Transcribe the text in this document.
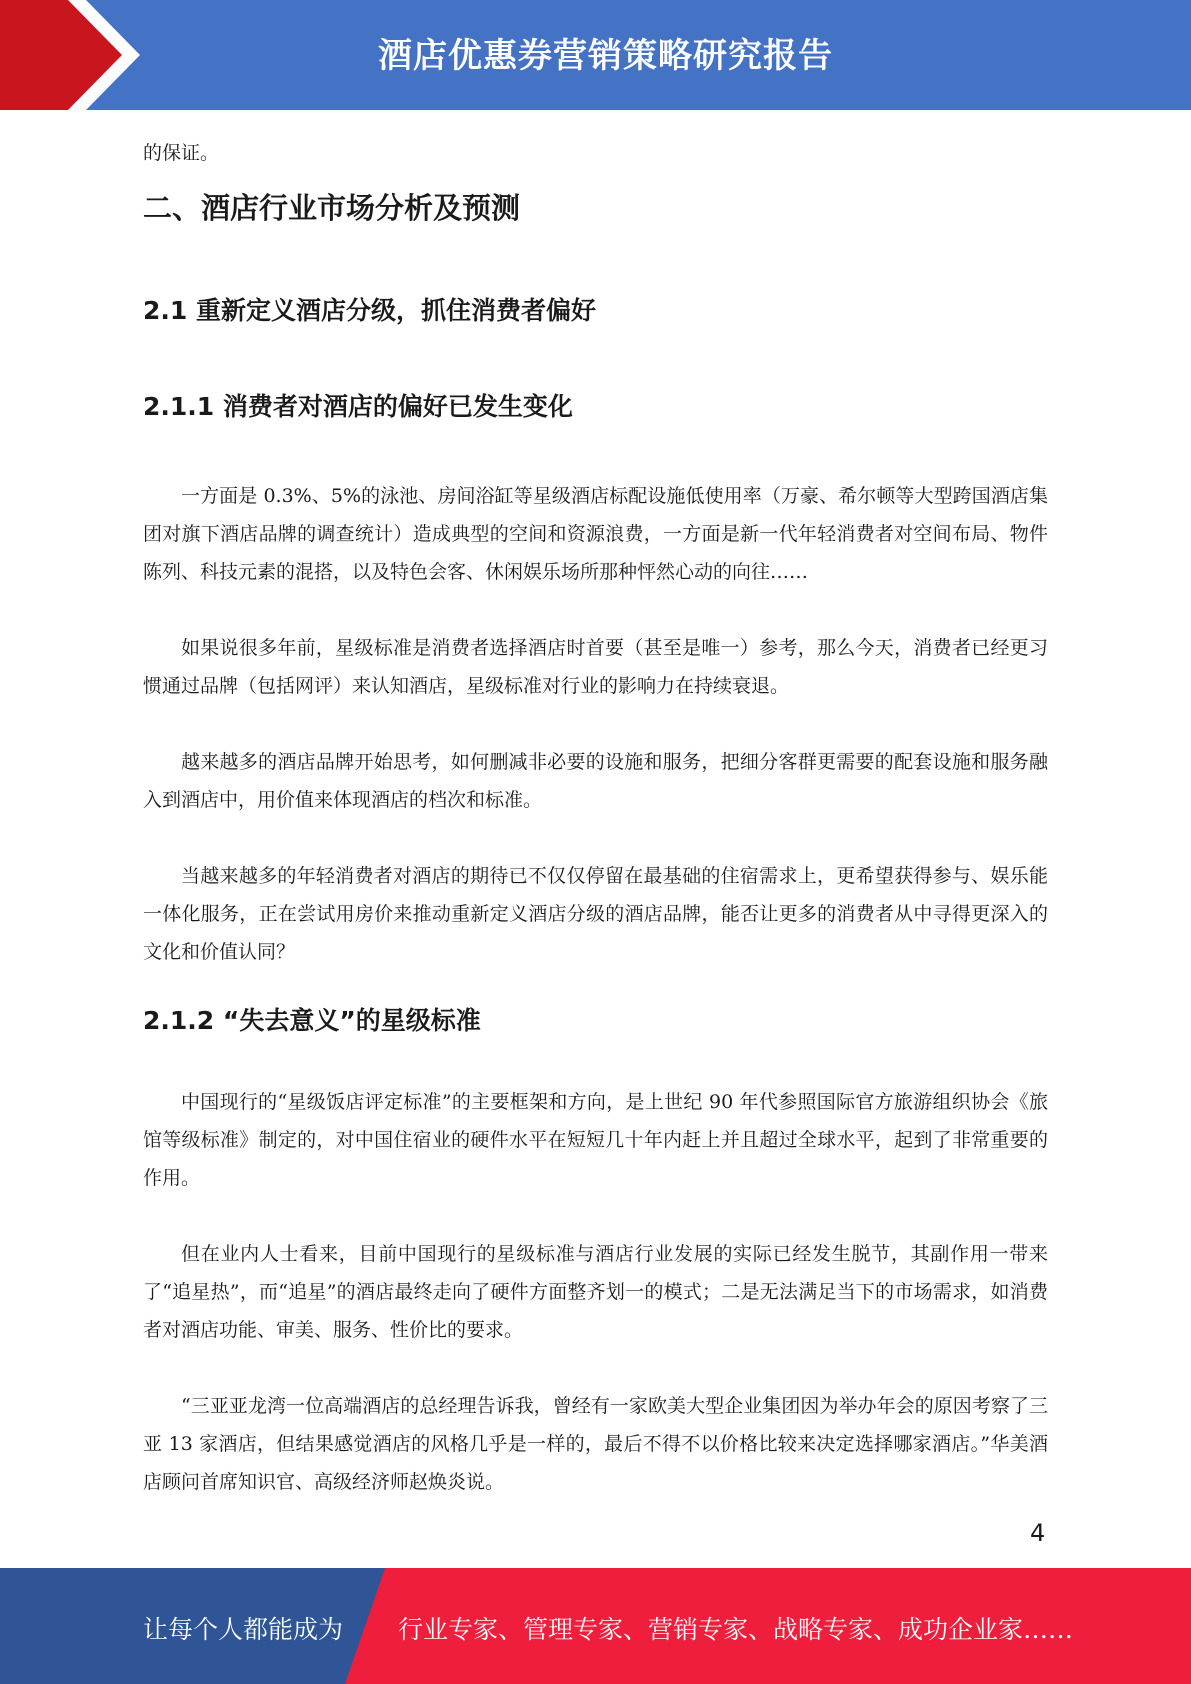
酒店优惠券营销策略研究报告

的保证。

二、酒店行业市场分析及预测
2.1 重新定义酒店分级，抓住消费者偏好
2.1.1 消费者对酒店的偏好已发生变化

一方面是 0.3%、5%的泳池、房间浴缸等星级酒店标配设施低使用率（万豪、希尔顿等大型跨国酒店集团对旗下酒店品牌的调查统计）造成典型的空间和资源浪费，一方面是新一代年轻消费者对空间布局、物件陈列、科技元素的混搭，以及特色会客、休闲娱乐场所那种怦然心动的向往……

如果说很多年前，星级标准是消费者选择酒店时首要（甚至是唯一）参考，那么今天，消费者已经更习惯通过品牌（包括网评）来认知酒店，星级标准对行业的影响力在持续衰退。

越来越多的酒店品牌开始思考，如何删减非必要的设施和服务，把细分客群更需要的配套设施和服务融入到酒店中，用价值来体现酒店的档次和标准。

当越来越多的年轻消费者对酒店的期待已不仅仅停留在最基础的住宿需求上，更希望获得参与、娱乐能一体化服务，正在尝试用房价来推动重新定义酒店分级的酒店品牌，能否让更多的消费者从中寻得更深入的文化和价值认同？

2.1.2 “失去意义”的星级标准

中国现行的“星级饭店评定标准”的主要框架和方向，是上世纪 90 年代参照国际官方旅游组织协会《旅馆等级标准》制定的，对中国住宿业的硬件水平在短短几十年内赶上并且超过全球水平，起到了非常重要的作用。

但在业内人士看来，目前中国现行的星级标准与酒店行业发展的实际已经发生脱节，其副作用一带来了“追星热”，而“追星”的酒店最终走向了硬件方面整齐划一的模式；二是无法满足当下的市场需求，如消费者对酒店功能、审美、服务、性价比的要求。

“三亚亚龙湾一位高端酒店的总经理告诉我，曾经有一家欧美大型企业集团因为举办年会的原因考察了三亚 13 家酒店，但结果感觉酒店的风格几乎是一样的，最后不得不以价格比较来决定选择哪家酒店。”华美酒店顾问首席知识官、高级经济师赵焕炎说。

4
让每个人都能成为 行业专家、管理专家、营销专家、战略专家、成功企业家……
